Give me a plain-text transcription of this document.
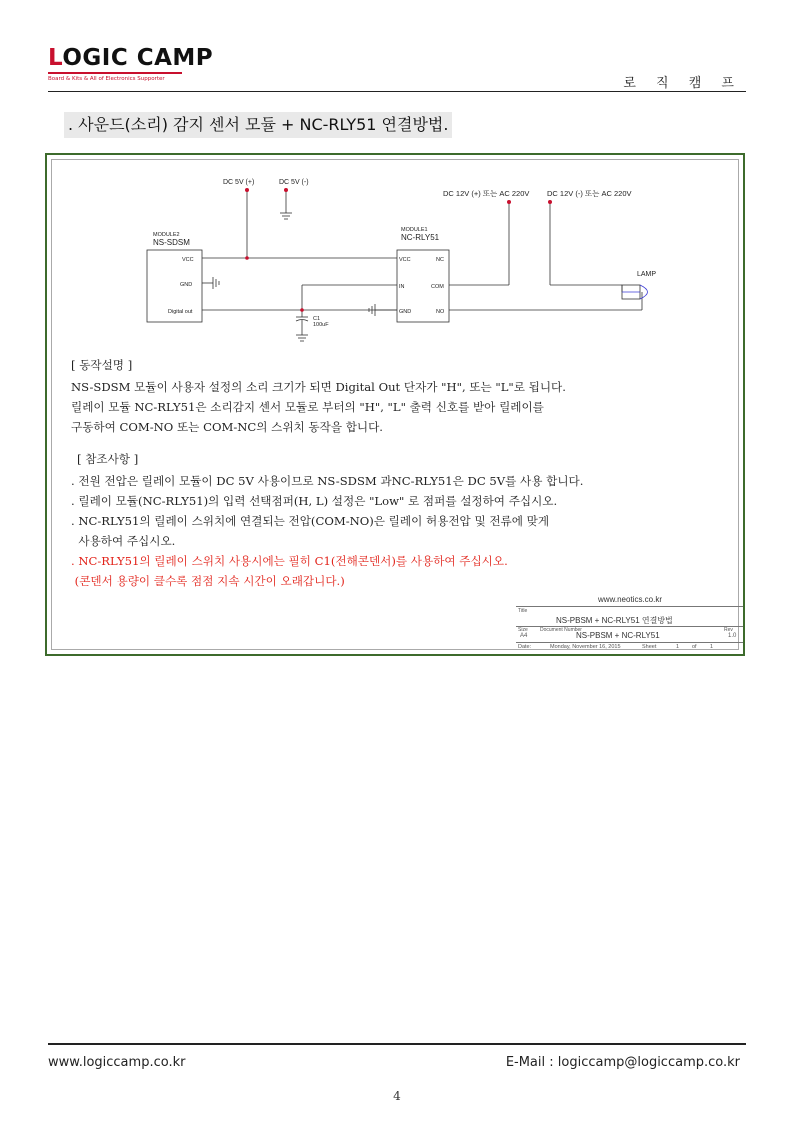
LOGIC CAMP
Board & Kits & All of Electronics Supporter	로 직 캠 프
. 사운드(소리) 감지 센서 모듈 + NC-RLY51 연결방법.
DC 5V (+)	DC 5V (-)
DC 12V (+) 또는 AC 220V DC 12V (-) 또는 AC 220V
MODULE2
NS-SDSM
VCC
GND
Digital out
MODULE1
NC-RLY51
VCC
IN
GND
NC
COM
NO
C1
100uF
LAMP
[ 동작설명 ]
NS-SDSM 모듈이 사용자 설정의 소리 크기가 되면 Digital Out 단자가 "H", 또는 "L"로 됩니다.
릴레이 모듈 NC-RLY51은 소리감지 센서 모듈로 부터의 "H", "L" 출력 신호를 받아 릴레이를
구동하여 COM-NO 또는 COM-NC의 스위치 동작을 합니다.
[ 참조사항 ]
. 전원 전압은 릴레이 모듈이 DC 5V 사용이므로 NS-SDSM 과NC-RLY51은 DC 5V를 사용 합니다.
. 릴레이 모듈(NC-RLY51)의 입력 선택점퍼(H, L) 설정은 "Low" 로 점퍼를 설정하여 주십시오.
. NC-RLY51의 릴레이 스위치에 연결되는 전압(COM-NO)은 릴레이 허용전압 및 전류에 맞게
사용하여 주십시오.
. NC-RLY51의 릴레이 스위치 사용시에는 필히 C1(전해콘덴서)를 사용하여 주십시오.
(콘덴서 용량이 클수록 점점 지속 시간이 오래갑니다.)
www.neotics.co.kr
Title
NS-PBSM + NC-RLY51 연결방법
Size
A4
Document Number
NS-PBSM + NC-RLY51
Rev
1.0
Date:	Monday, November 16, 2015	Sheet	1 of 1
www.logiccamp.co.kr	E-Mail : logiccamp@logiccamp.co.kr
4
